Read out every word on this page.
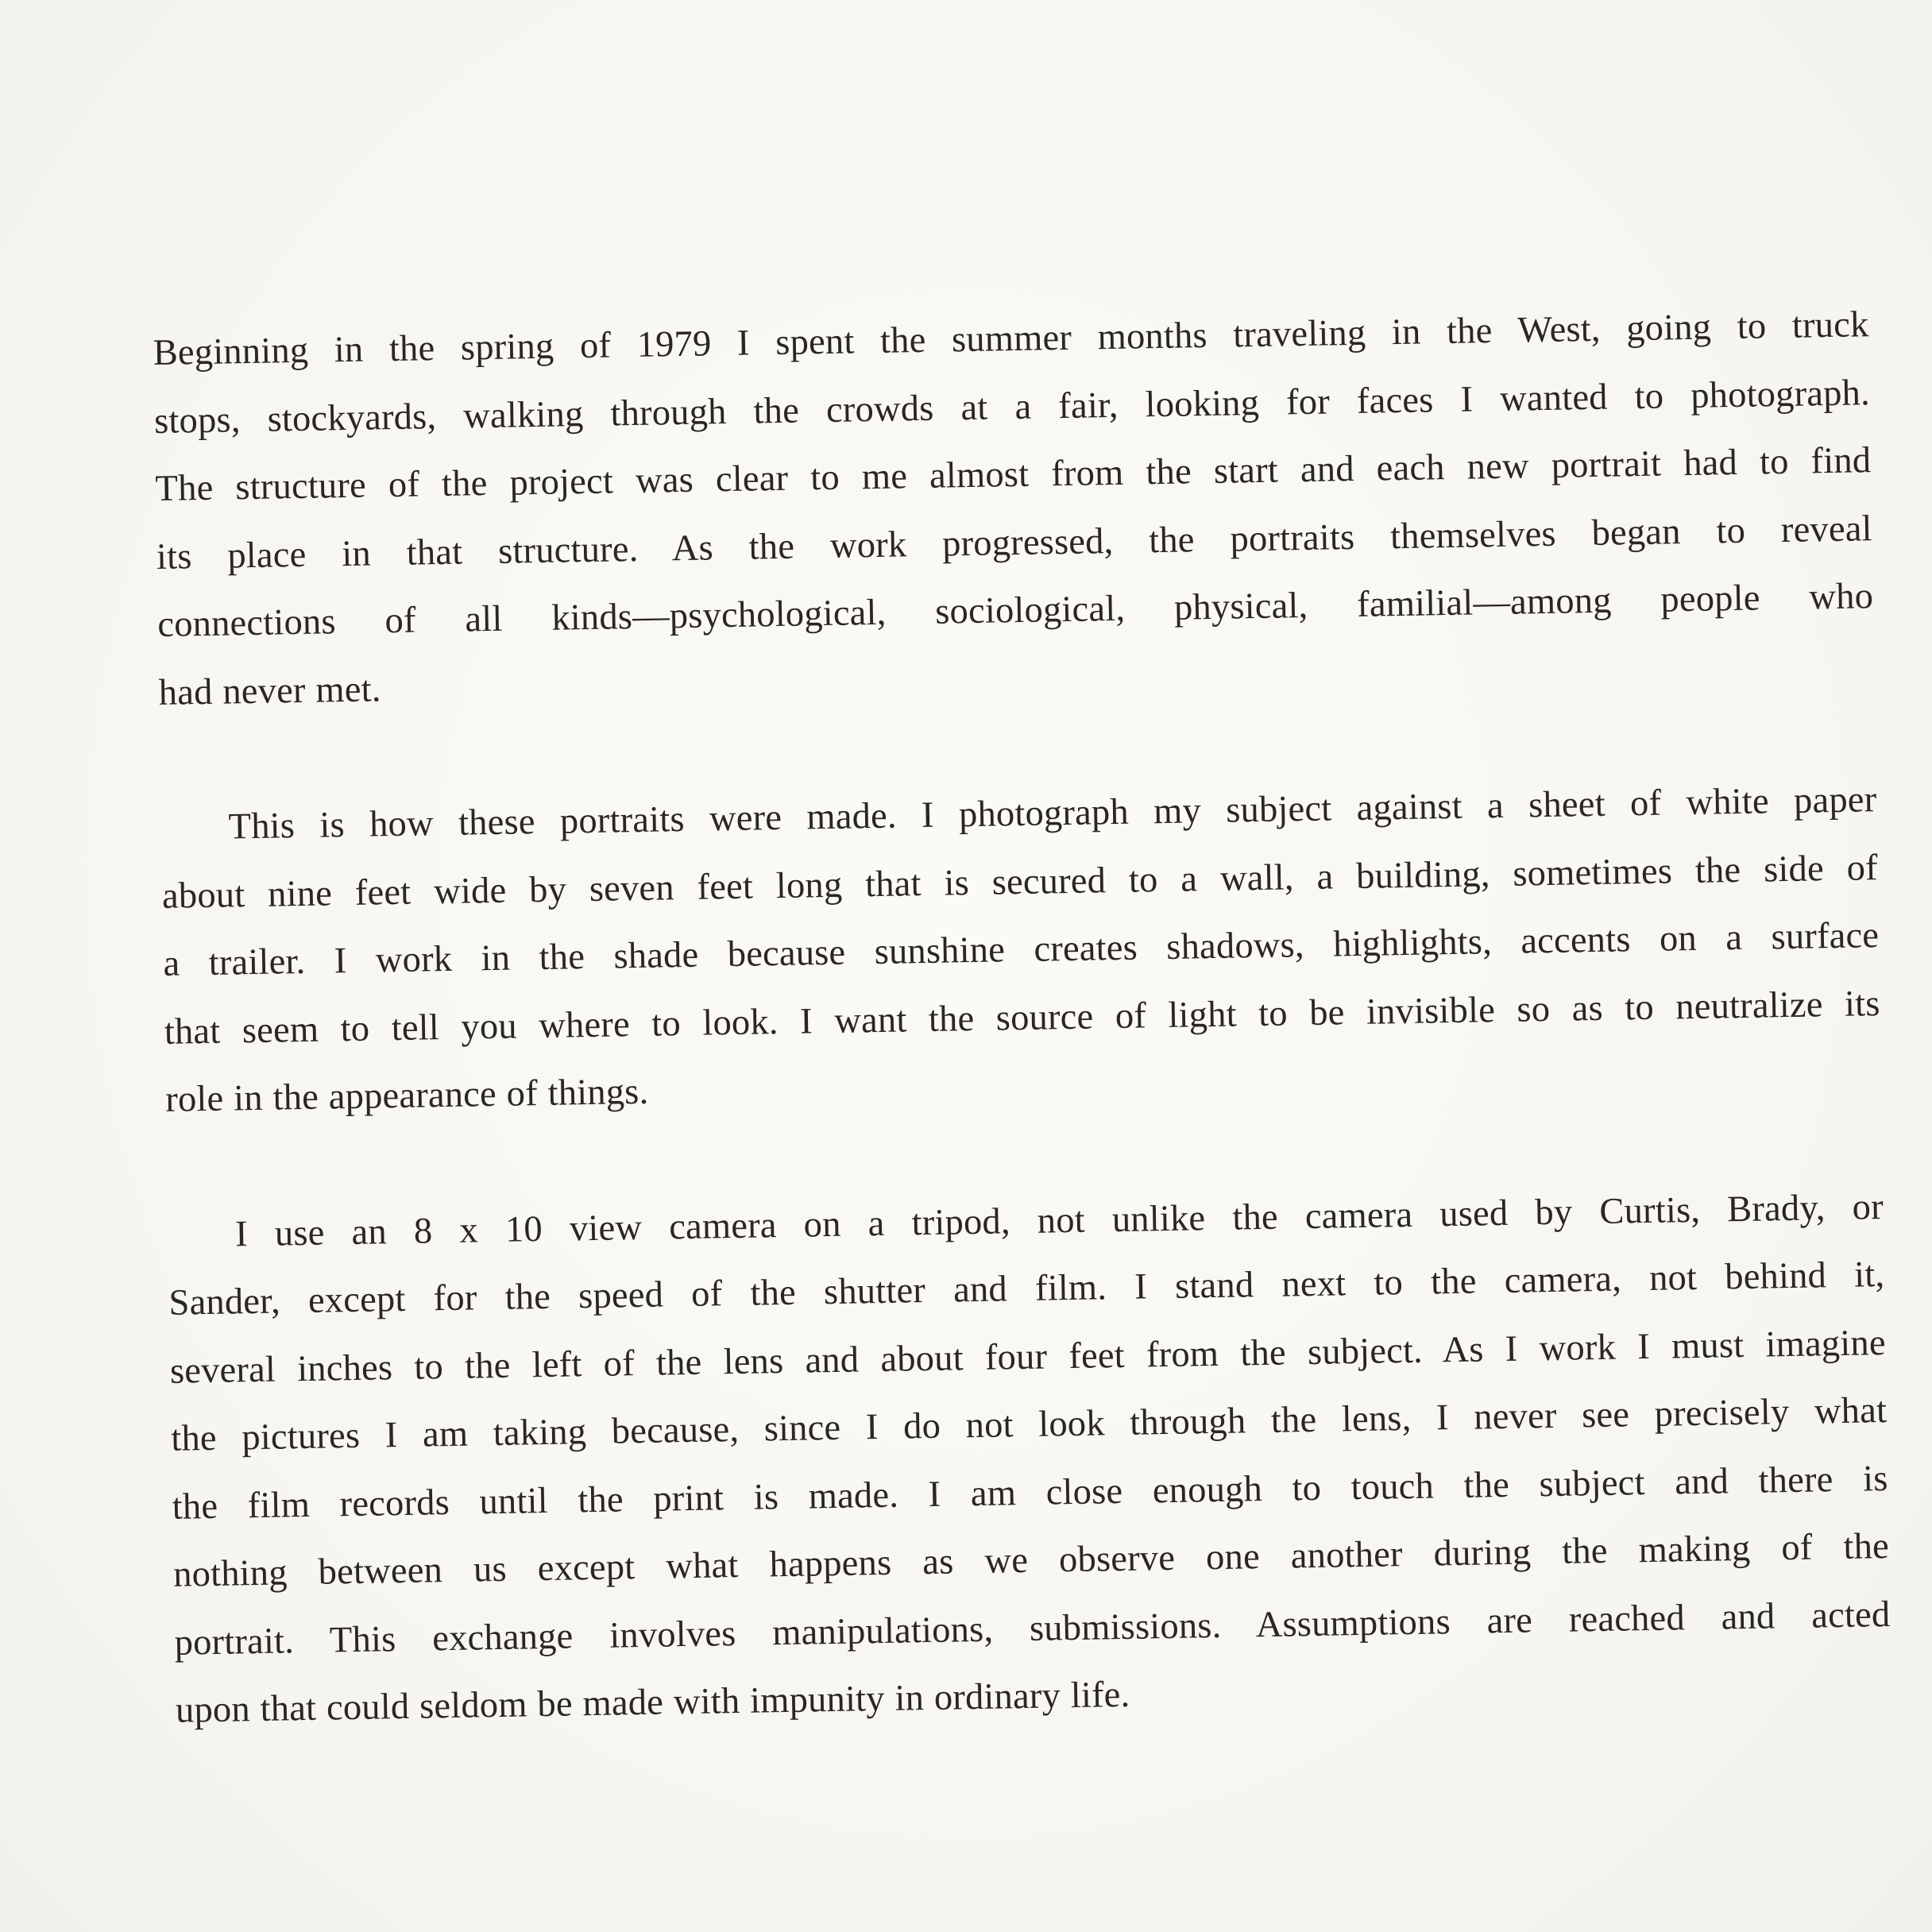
Beginning in the spring of 1979 I spent the summer months traveling in the West, going to truck
stops, stockyards, walking through the crowds at a fair, looking for faces I wanted to photograph.
The structure of the project was clear to me almost from the start and each new portrait had to find
its place in that structure. As the work progressed, the portraits themselves began to reveal
connections of all kinds—psychological, sociological, physical, familial—among people who
had never met.

This is how these portraits were made. I photograph my subject against a sheet of white paper
about nine feet wide by seven feet long that is secured to a wall, a building, sometimes the side of
a trailer. I work in the shade because sunshine creates shadows, highlights, accents on a surface
that seem to tell you where to look. I want the source of light to be invisible so as to neutralize its
role in the appearance of things.

I use an 8 x 10 view camera on a tripod, not unlike the camera used by Curtis, Brady, or
Sander, except for the speed of the shutter and film. I stand next to the camera, not behind it,
several inches to the left of the lens and about four feet from the subject. As I work I must imagine
the pictures I am taking because, since I do not look through the lens, I never see precisely what
the film records until the print is made. I am close enough to touch the subject and there is
nothing between us except what happens as we observe one another during the making of the
portrait. This exchange involves manipulations, submissions. Assumptions are reached and acted
upon that could seldom be made with impunity in ordinary life.
